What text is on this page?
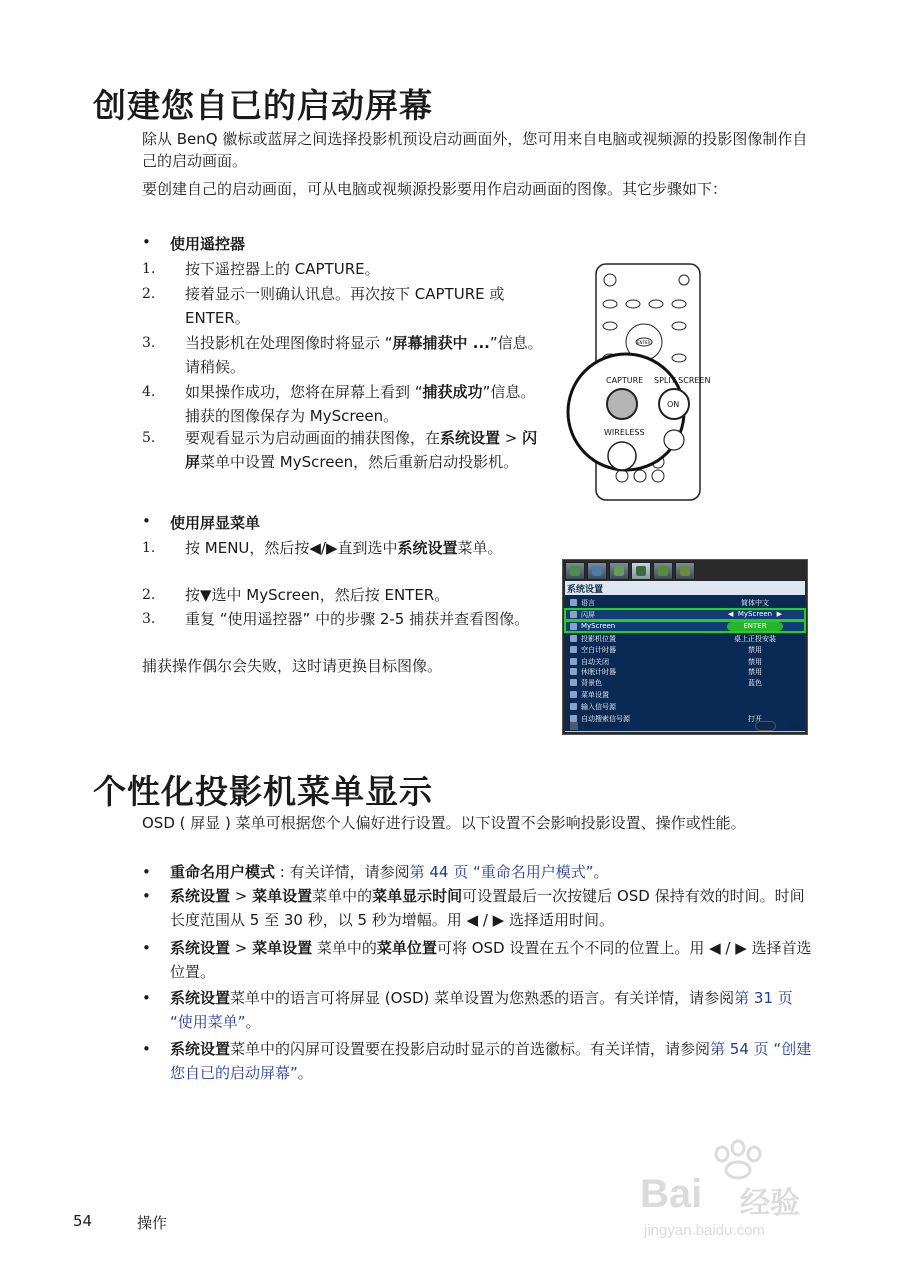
创建您自已的启动屏幕
除从 BenQ 徽标或蓝屏之间选择投影机预设启动画面外，您可用来自电脑或视频源的投影图像制作自己的启动画面。
要创建自己的启动画面，可从电脑或视频源投影要用作启动画面的图像。其它步骤如下：
• 使用遥控器
1. 按下遥控器上的 CAPTURE。
2. 接着显示一则确认讯息。再次按下 CAPTURE 或 ENTER。
3. 当投影机在处理图像时将显示 “屏幕捕获中 ...”信息。请稍候。
4. 如果操作成功，您将在屏幕上看到 “捕获成功”信息。捕获的图像保存为 MyScreen。
5. 要观看显示为启动画面的捕获图像，在系统设置 > 闪屏菜单中设置 MyScreen，然后重新启动投影机。
• 使用屏显菜单
1. 按 MENU，然后按◀/▶直到选中系统设置菜单。
2. 按▼选中 MyScreen，然后按 ENTER。
3. 重复 “使用遥控器” 中的步骤 2-5 捕获并查看图像。
捕获操作偶尔会失败，这时请更换目标图像。
CAPTURE SPLIT SCREEN
ON
WIRELESS
ENTER
系统设置
语言	简体中文
闪屏	◀  MyScreen  ▶
MyScreen	ENTER
投影机位置	桌上正投安装
空白计时器	禁用
自动关闭	禁用
休眠计时器	禁用
背景色	蓝色
菜单设置
输入信号源
自动搜索信号源	打开
模拟 RGB	EXIT	返回
个性化投影机菜单显示
OSD ( 屏显 ) 菜单可根据您个人偏好进行设置。以下设置不会影响投影设置、操作或性能。
• 重命名用户模式 : 有关详情，请参阅第 44 页 “重命名用户模式”。
• 系统设置 > 菜单设置菜单中的菜单显示时间可设置最后一次按键后 OSD 保持有效的时间。时间长度范围从 5 至 30 秒，以 5 秒为增幅。用 ◀ / ▶ 选择适用时间。
• 系统设置 > 菜单设置 菜单中的菜单位置可将 OSD 设置在五个不同的位置上。用 ◀ / ▶ 选择首选位置。
• 系统设置菜单中的语言可将屏显 (OSD) 菜单设置为您熟悉的语言。有关详情，请参阅第 31 页 “使用菜单”。
• 系统设置菜单中的闪屏可设置要在投影启动时显示的首选徽标。有关详情，请参阅第 54 页 “创建您自已的启动屏幕”。
54	操作
Bai 经验
jingyan.baidu.com
